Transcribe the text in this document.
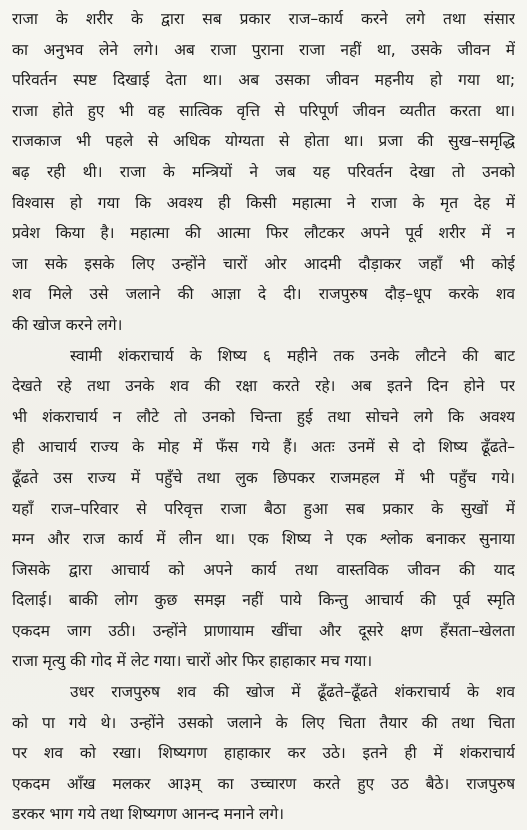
राजा के शरीर के द्वारा सब प्रकार राज–कार्य करने लगे तथा संसार
का अनुभव लेने लगे। अब राजा पुराना राजा नहीं था, उसके जीवन में
परिवर्तन स्पष्ट दिखाई देता था। अब उसका जीवन महनीय हो गया था;
राजा होते हुए भी वह सात्विक वृत्ति से परिपूर्ण जीवन व्यतीत करता था।
राजकाज भी पहले से अधिक योग्यता से होता था। प्रजा की सुख–समृद्धि
बढ़ रही थी। राजा के मन्त्रियों ने जब यह परिवर्तन देखा तो उनको
विश्वास हो गया कि अवश्य ही किसी महात्मा ने राजा के मृत देह में
प्रवेश किया है। महात्मा की आत्मा फिर लौटकर अपने पूर्व शरीर में न
जा सके इसके लिए उन्होंने चारों ओर आदमी दौड़ाकर जहाँ भी कोई
शव मिले उसे जलाने की आज्ञा दे दी। राजपुरुष दौड़–धूप करके शव
की खोज करने लगे।

स्वामी शंकराचार्य के शिष्य ६ महीने तक उनके लौटने की बाट
देखते रहे तथा उनके शव की रक्षा करते रहे। अब इतने दिन होने पर
भी शंकराचार्य न लौटे तो उनको चिन्ता हुई तथा सोचने लगे कि अवश्य
ही आचार्य राज्य के मोह में फँस गये हैं। अतः उनमें से दो शिष्य ढूँढते–
ढूँढते उस राज्य में पहुँचे तथा लुक छिपकर राजमहल में भी पहुँच गये।
यहाँ राज–परिवार से परिवृत्त राजा बैठा हुआ सब प्रकार के सुखों में
मग्न और राज कार्य में लीन था। एक शिष्य ने एक श्लोक बनाकर सुनाया
जिसके द्वारा आचार्य को अपने कार्य तथा वास्तविक जीवन की याद
दिलाई। बाकी लोग कुछ समझ नहीं पाये किन्तु आचार्य की पूर्व स्मृति
एकदम जाग उठी। उन्होंने प्राणायाम खींचा और दूसरे क्षण हँसता–खेलता
राजा मृत्यु की गोद में लेट गया। चारों ओर फिर हाहाकार मच गया।

उधर राजपुरुष शव की खोज में ढूँढते–ढूँढते शंकराचार्य के शव
को पा गये थे। उन्होंने उसको जलाने के लिए चिता तैयार की तथा चिता
पर शव को रखा। शिष्यगण हाहाकार कर उठे। इतने ही में शंकराचार्य
एकदम आँख मलकर आ३म् का उच्चारण करते हुए उठ बैठे। राजपुरुष
डरकर भाग गये तथा शिष्यगण आनन्द मनाने लगे।
